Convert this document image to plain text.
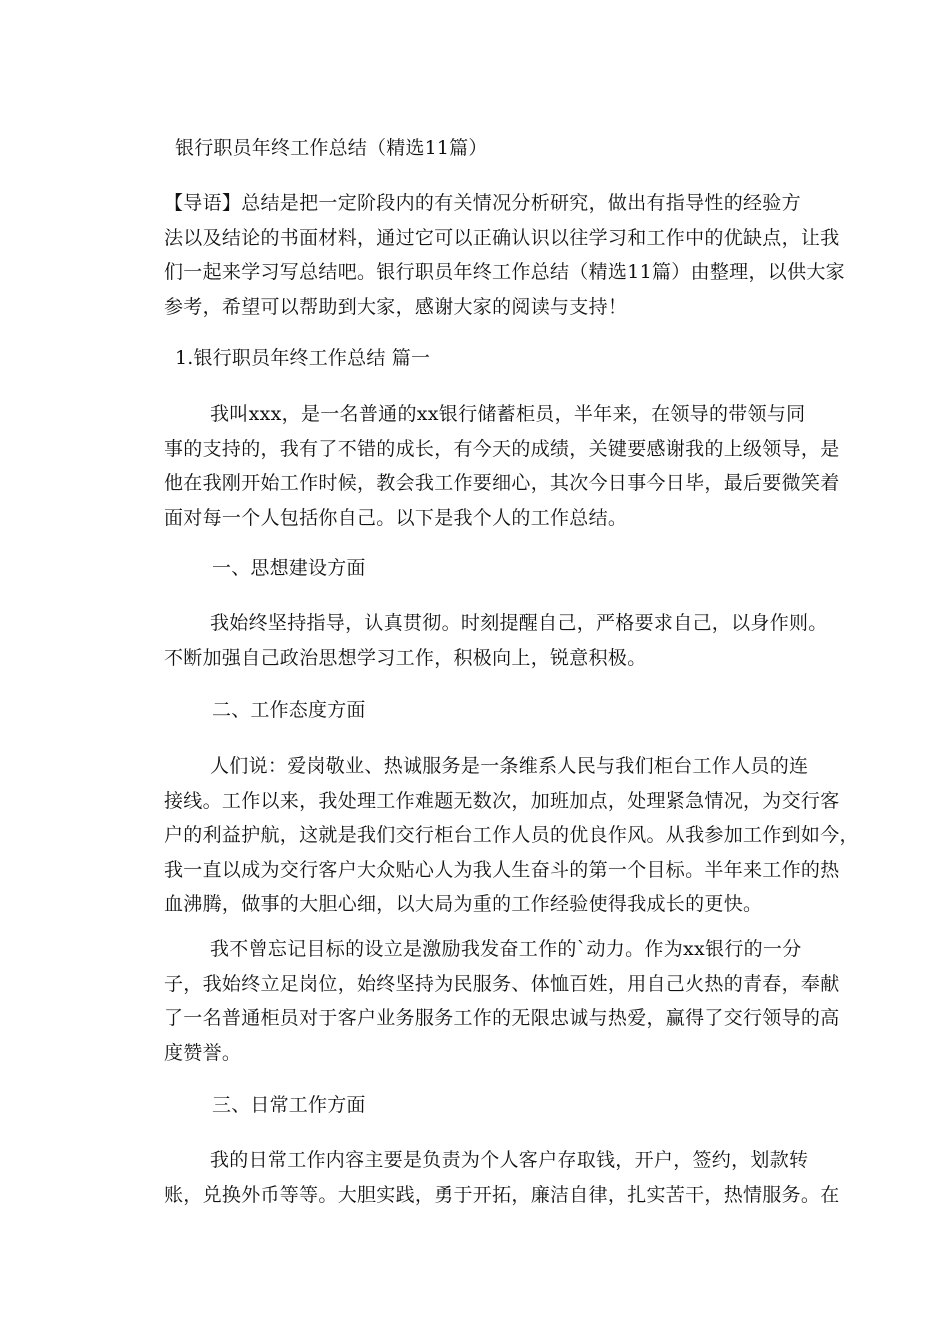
银行职员年终工作总结（精选11篇）

【导语】总结是把一定阶段内的有关情况分析研究，做出有指导性的经验方

法以及结论的书面材料，通过它可以正确认识以往学习和工作中的优缺点，让我

们一起来学习写总结吧。银行职员年终工作总结（精选11篇）由整理，以供大家

参考，希望可以帮助到大家，感谢大家的阅读与支持！

1.银行职员年终工作总结 篇一

我叫xxx，是一名普通的xx银行储蓄柜员，半年来，在领导的带领与同

事的支持的，我有了不错的成长，有今天的成绩，关键要感谢我的上级领导，是

他在我刚开始工作时候，教会我工作要细心，其次今日事今日毕，最后要微笑着

面对每一个人包括你自己。以下是我个人的工作总结。

一、思想建设方面

我始终坚持指导，认真贯彻。时刻提醒自己，严格要求自己，以身作则。

不断加强自己政治思想学习工作，积极向上，锐意积极。

二、工作态度方面

人们说：爱岗敬业、热诚服务是一条维系人民与我们柜台工作人员的连

接线。工作以来，我处理工作难题无数次，加班加点，处理紧急情况，为交行客

户的利益护航，这就是我们交行柜台工作人员的优良作风。从我参加工作到如今，

我一直以成为交行客户大众贴心人为我人生奋斗的第一个目标。半年来工作的热

血沸腾，做事的大胆心细，以大局为重的工作经验使得我成长的更快。

我不曾忘记目标的设立是激励我发奋工作的`动力。作为xx银行的一分

子，我始终立足岗位，始终坚持为民服务、体恤百姓，用自己火热的青春，奉献

了一名普通柜员对于客户业务服务工作的无限忠诚与热爱，赢得了交行领导的高

度赞誉。

三、日常工作方面

我的日常工作内容主要是负责为个人客户存取钱，开户，签约，划款转

账，兑换外币等等。大胆实践，勇于开拓，廉洁自律，扎实苦干，热情服务。在
